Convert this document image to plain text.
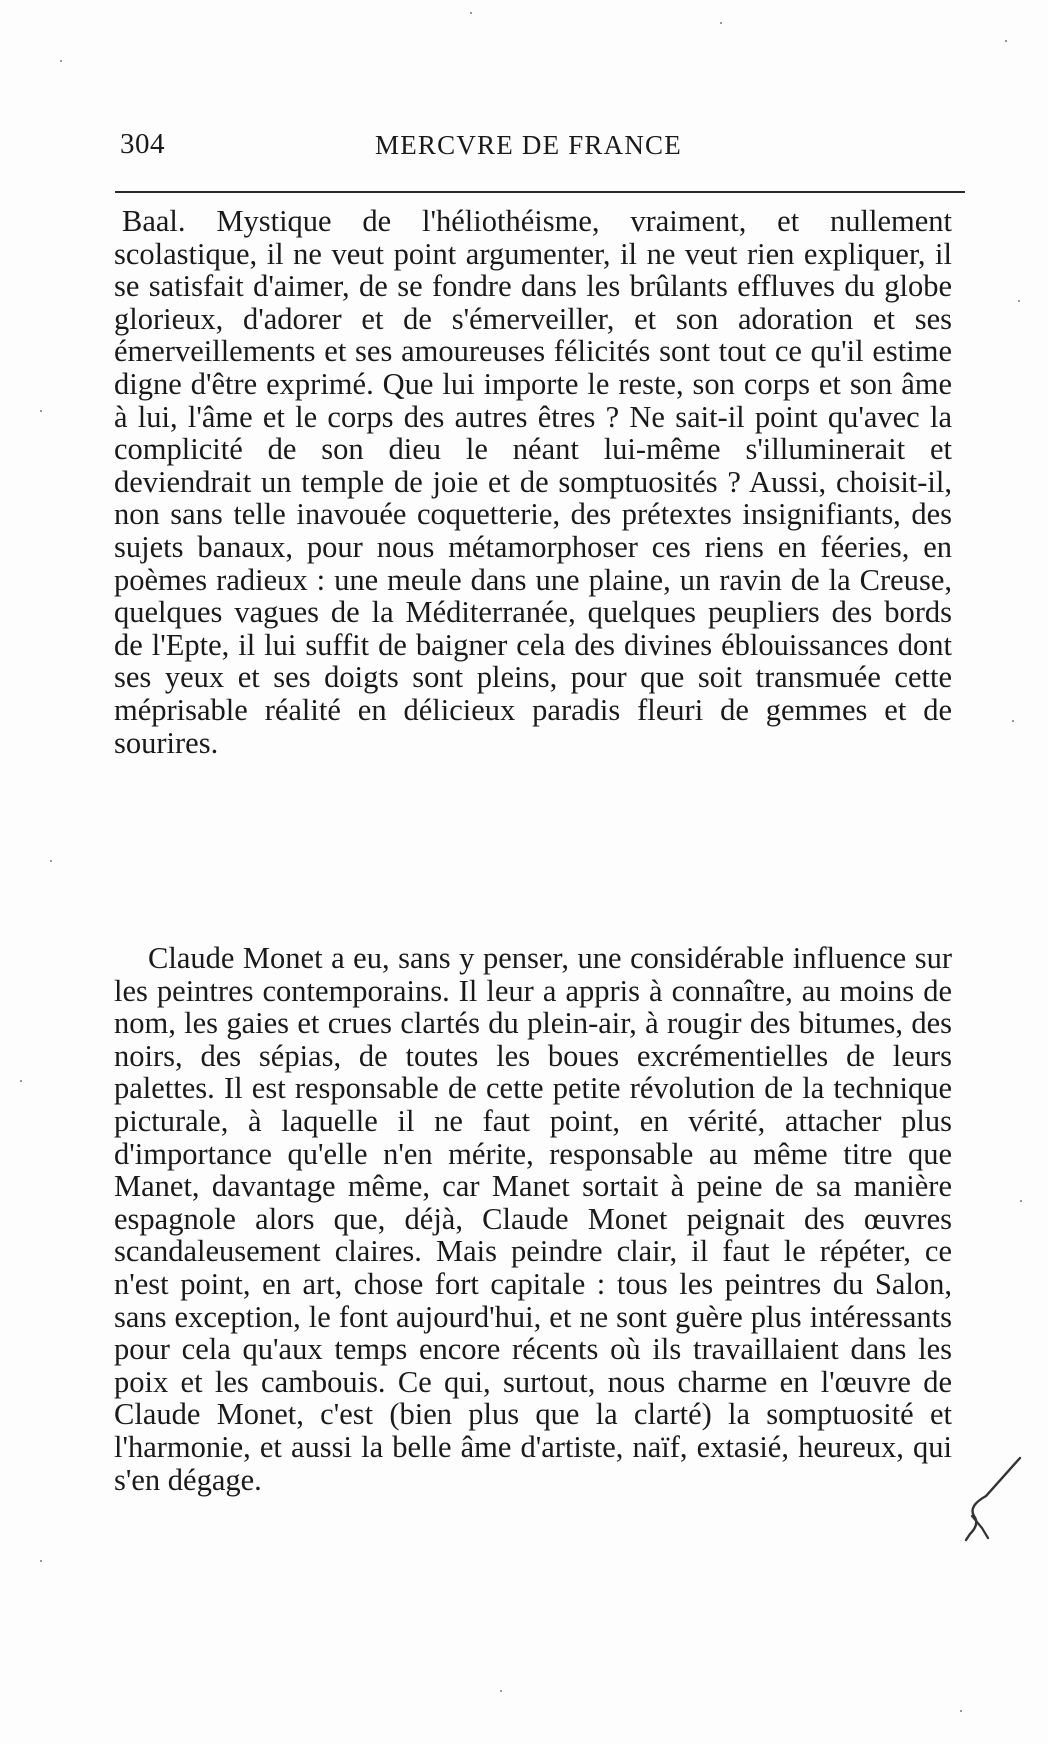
304	MERCVRE DE FRANCE

Baal. Mystique de l'héliothéisme, vraiment, et nullement scolastique, il ne veut point argumenter, il ne veut rien expliquer, il se satisfait d'aimer, de se fondre dans les brûlants effluves du globe glorieux, d'adorer et de s'émerveiller, et son adoration et ses émerveillements et ses amoureuses félicités sont tout ce qu'il estime digne d'être exprimé. Que lui importe le reste, son corps et son âme à lui, l'âme et le corps des autres êtres ? Ne sait-il point qu'avec la complicité de son dieu le néant lui-même s'illuminerait et deviendrait un temple de joie et de somptuosités ? Aussi, choisit-il, non sans telle inavouée coquetterie, des prétextes insignifiants, des sujets banaux, pour nous métamorphoser ces riens en féeries, en poèmes radieux : une meule dans une plaine, un ravin de la Creuse, quelques vagues de la Méditerranée, quelques peupliers des bords de l'Epte, il lui suffit de baigner cela des divines éblouissances dont ses yeux et ses doigts sont pleins, pour que soit transmuée cette méprisable réalité en délicieux paradis fleuri de gemmes et de sourires.

Claude Monet a eu, sans y penser, une considérable influence sur les peintres contemporains. Il leur a appris à connaître, au moins de nom, les gaies et crues clartés du plein-air, à rougir des bitumes, des noirs, des sépias, de toutes les boues excrémentielles de leurs palettes. Il est responsable de cette petite révolution de la technique picturale, à laquelle il ne faut point, en vérité, attacher plus d'importance qu'elle n'en mérite, responsable au même titre que Manet, davantage même, car Manet sortait à peine de sa manière espagnole alors que, déjà, Claude Monet peignait des œuvres scandaleusement claires. Mais peindre clair, il faut le répéter, ce n'est point, en art, chose fort capitale : tous les peintres du Salon, sans exception, le font aujourd'hui, et ne sont guère plus intéressants pour cela qu'aux temps encore récents où ils travaillaient dans les poix et les cambouis. Ce qui, surtout, nous charme en l'œuvre de Claude Monet, c'est (bien plus que la clarté) la somptuosité et l'harmonie, et aussi la belle âme d'artiste, naïf, extasié, heureux, qui s'en dégage.
